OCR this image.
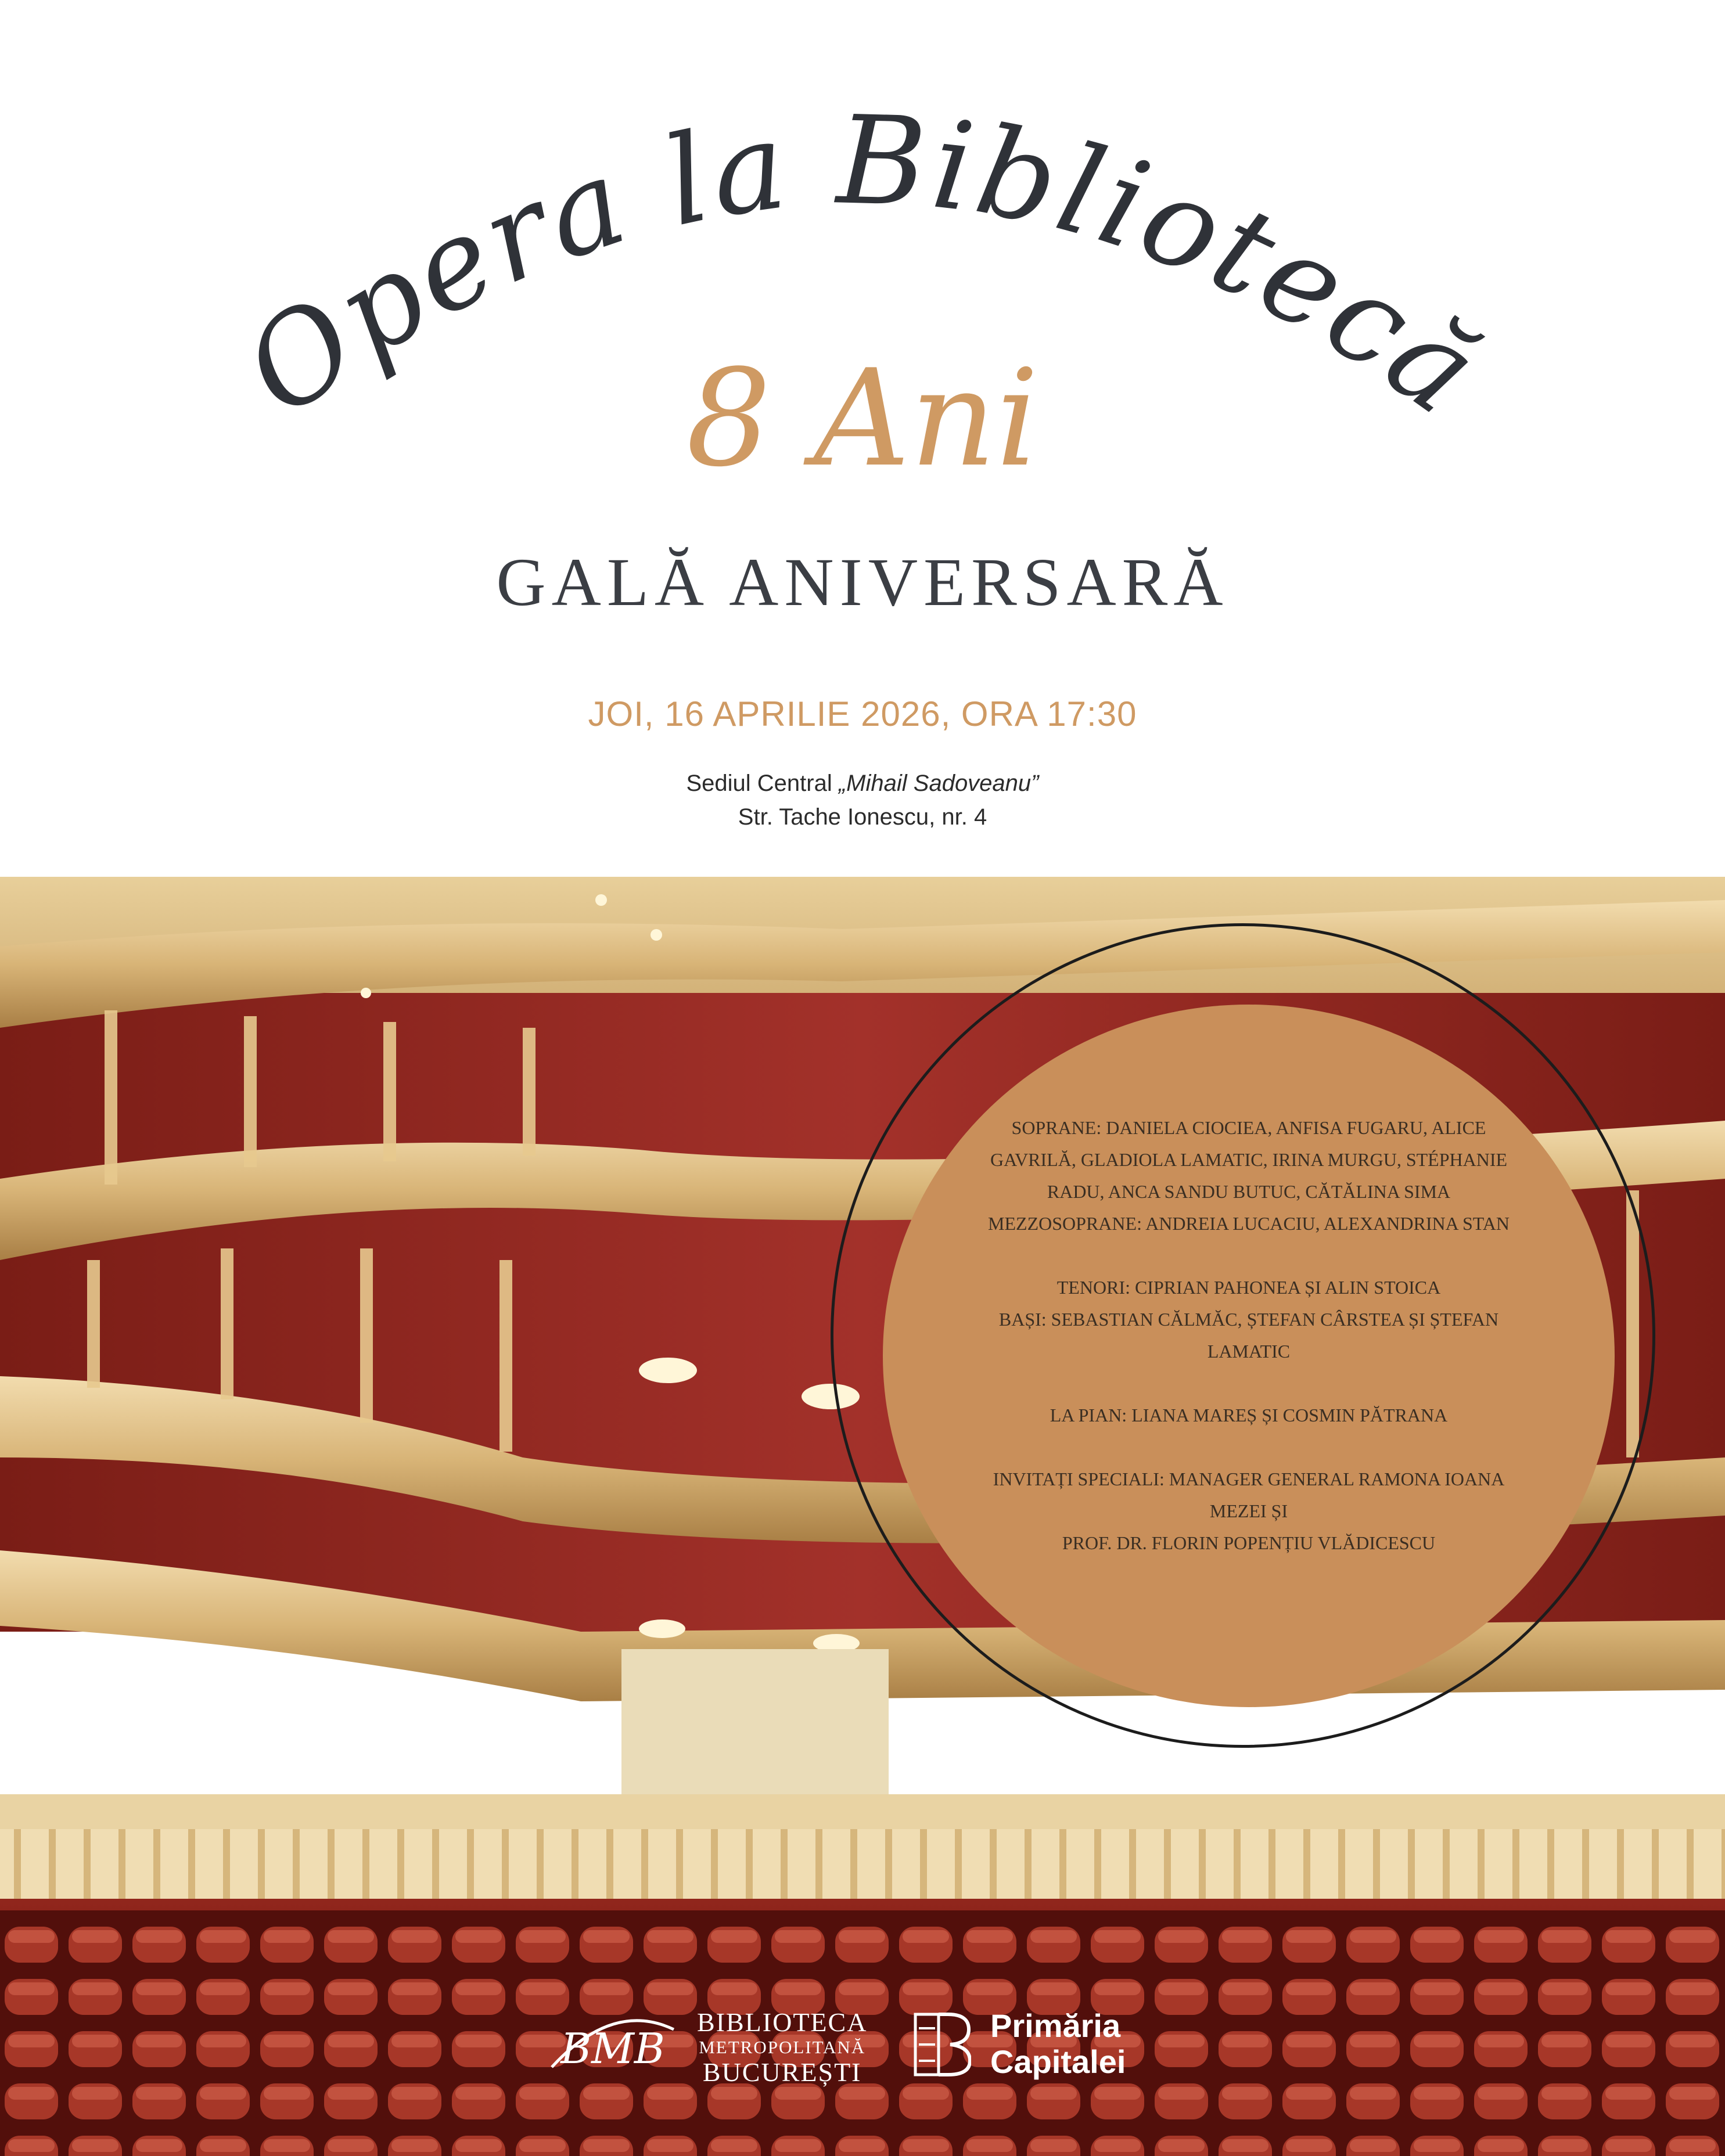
Opera la Bibliotecă
8 Ani
GALĂ ANIVERSARĂ
JOI, 16 APRILIE 2026, ORA 17:30
Sediul Central „Mihail Sadoveanu”
Str. Tache Ionescu, nr. 4

SOPRANE: DANIELA CIOCIEA, ANFISA FUGARU, ALICE GAVRILĂ, GLADIOLA LAMATIC, IRINA MURGU, STÉPHANIE RADU, ANCA SANDU BUTUC, CĂTĂLINA SIMA

MEZZOSOPRANE: ANDREIA LUCACIU, ALEXANDRINA STAN

TENORI: CIPRIAN PAHONEA ȘI ALIN STOICA

BAȘI: SEBASTIAN CĂLMĂC, ȘTEFAN CÂRSTEA ȘI ȘTEFAN LAMATIC

LA PIAN: LIANA MAREȘ ȘI COSMIN PĂTRANA

INVITAȚI SPECIALI: MANAGER GENERAL RAMONA IOANA MEZEI ȘI

PROF. DR. FLORIN POPENȚIU VLĂDICESCU

BMB
BIBLIOTECA
METROPOLITANĂ
BUCUREȘTI
Primăria
Capitalei
